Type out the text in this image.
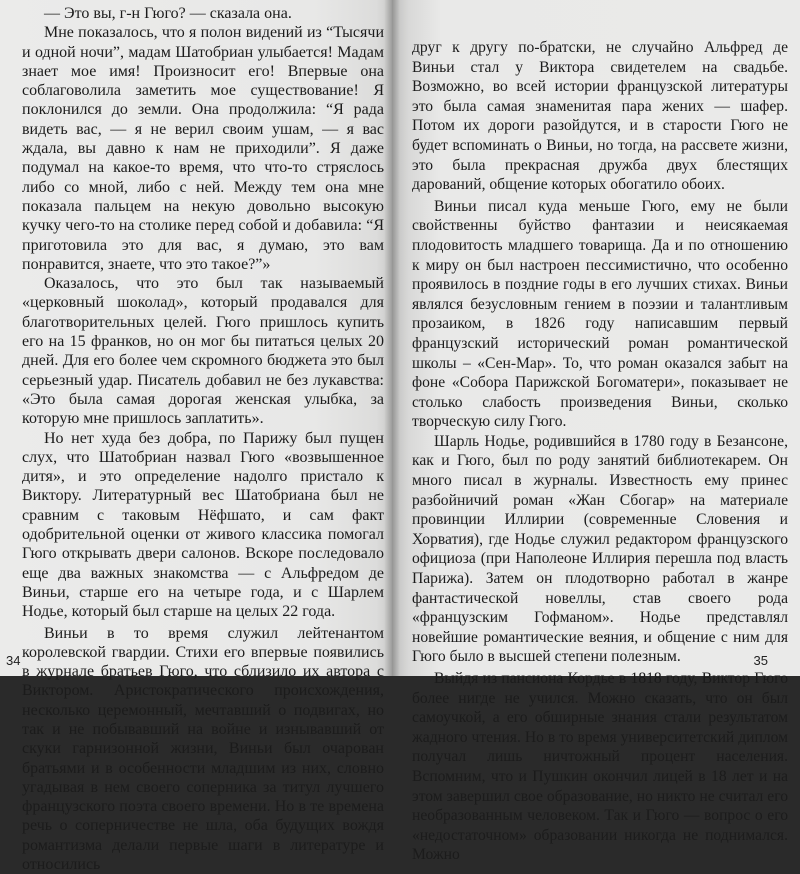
— Это вы, г-н Гюго? — сказала она.

Мне показалось, что я полон видений из “Тысячи и одной ночи”, мадам Шатобриан улыбается! Мадам знает мое имя! Произносит его! Впервые она соблаговолила заметить мое существование! Я поклонился до земли. Она продолжила: “Я рада видеть вас, — я не верил своим ушам, — я вас ждала, вы давно к нам не приходили”. Я даже подумал на какое-то время, что что-то стряслось либо со мной, либо с ней. Между тем она мне показала пальцем на некую довольно высокую кучку чего-то на столике перед собой и добавила: “Я приготовила это для вас, я думаю, это вам понравится, знаете, что это такое?”»

Оказалось, что это был так называемый «церковный шоколад», который продавался для благотворительных целей. Гюго пришлось купить его на 15 франков, но он мог бы питаться целых 20 дней. Для его более чем скромного бюджета это был серьезный удар. Писатель добавил не без лукавства: «Это была самая дорогая женская улыбка, за которую мне пришлось заплатить».

Но нет худа без добра, по Парижу был пущен слух, что Шатобриан назвал Гюго «возвышенное дитя», и это определение надолго пристало к Виктору. Литературный вес Шатобриана был не сравним с таковым Нёфшато, и сам факт одобрительной оценки от живого классика помогал Гюго открывать двери салонов. Вскоре последовало еще два важных знакомства — с Альфредом де Виньи, старше его на четыре года, и с Шарлем Нодье, который был старше на целых 22 года.

Виньи в то время служил лейтенантом королевской гвардии. Стихи его впервые появились в журнале братьев Гюго, что сблизило их автора с Виктором. Аристократического происхождения, несколько церемонный, мечтавший о подвигах, но так и не побывавший на войне и изнывавший от скуки гарнизонной жизни, Виньи был очарован братьями и в особенности младшим из них, словно угадывая в нем своего соперника за титул лучшего французского поэта своего времени. Но в те времена речь о соперничестве не шла, оба будущих вождя романтизма делали первые шаги в литературе и относились

34

друг к другу по-братски, не случайно Альфред де Виньи стал у Виктора свидетелем на свадьбе. Возможно, во всей истории французской литературы это была самая знаменитая пара жених — шафер. Потом их дороги разойдутся, и в старости Гюго не будет вспоминать о Виньи, но тогда, на рассвете жизни, это была прекрасная дружба двух блестящих дарований, общение которых обогатило обоих.

Виньи писал куда меньше Гюго, ему не были свойственны буйство фантазии и неисякаемая плодовитость младшего товарища. Да и по отношению к миру он был настроен пессимистично, что особенно проявилось в поздние годы в его лучших стихах. Виньи являлся безусловным гением в поэзии и талантливым прозаиком, в 1826 году написавшим первый французский исторический роман романтической школы – «Сен-Мар». То, что роман оказался забыт на фоне «Собора Парижской Богоматери», показывает не столько слабость произведения Виньи, сколько творческую силу Гюго.

Шарль Нодье, родившийся в 1780 году в Безансоне, как и Гюго, был по роду занятий библиотекарем. Он много писал в журналы. Известность ему принес разбойничий роман «Жан Сбогар» на материале провинции Иллирии (современные Словения и Хорватия), где Нодье служил редактором французского официоза (при Наполеоне Иллирия перешла под власть Парижа). Затем он плодотворно работал в жанре фантастической новеллы, став своего рода «французским Гофманом». Нодье представлял новейшие романтические веяния, и общение с ним для Гюго было в высшей степени полезным.

Выйдя из пансиона Кордье в 1818 году, Виктор Гюго более нигде не учился. Можно сказать, что он был самоучкой, а его обширные знания стали результатом жадного чтения. Но в то время университетский диплом получал лишь ничтожный процент населения. Вспомним, что и Пушкин окончил лицей в 18 лет и на этом завершил свое образование, но никто не считал его необразованным человеком. Так и Гюго — вопрос о его «недостаточном» образовании никогда не поднимался. Можно

35
